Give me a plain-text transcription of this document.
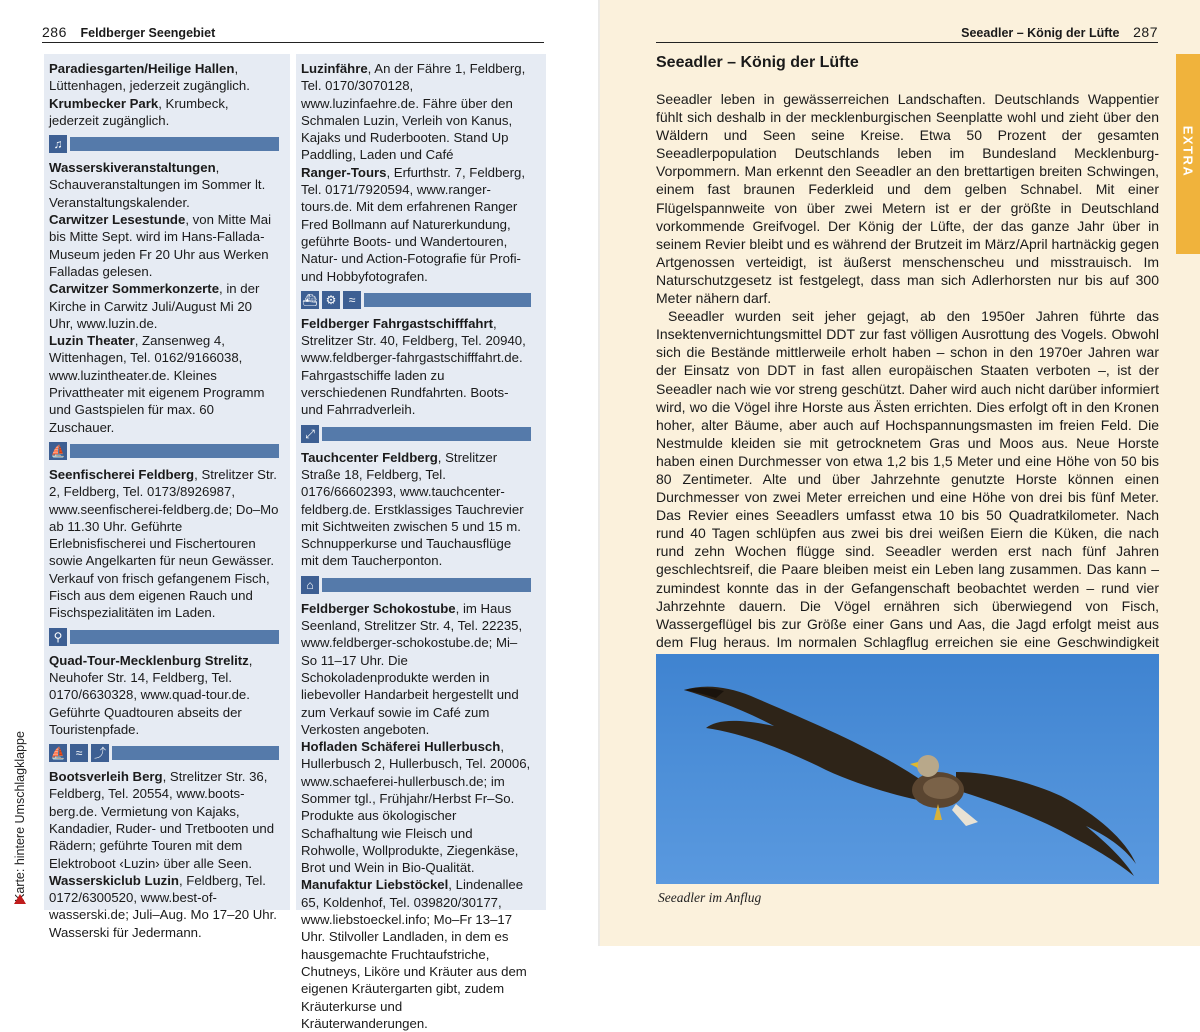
286 Feldberger Seengebiet

Paradiesgarten/Heilige Hallen, Lüttenhagen, jederzeit zugänglich.

Krumbecker Park, Krumbeck, jederzeit zugänglich.

♫

Wasserskiveranstaltungen, Schauveranstaltungen im Sommer lt. Veranstaltungskalender.

Carwitzer Lesestunde, von Mitte Mai bis Mitte Sept. wird im Hans-Fallada-Museum jeden Fr 20 Uhr aus Werken Falladas gelesen.

Carwitzer Sommerkonzerte, in der Kirche in Carwitz Juli/August Mi 20 Uhr, www.luzin.de.

Luzin Theater, Zansenweg 4, Wittenhagen, Tel. 0162/9166038, www.luzintheater.de. Kleines Privattheater mit eigenem Programm und Gastspielen für max. 60 Zuschauer.

⛵

Seenfischerei Feldberg, Strelitzer Str. 2, Feldberg, Tel. 0173/8926987, www.seenfischerei-feldberg.de; Do–Mo ab 11.30 Uhr. Geführte Erlebnisfischerei und Fischertouren sowie Angelkarten für neun Gewässer. Verkauf von frisch gefangenem Fisch, Fisch aus dem eigenen Rauch und Fischspezialitäten im Laden.

⚲

Quad-Tour-Mecklenburg Strelitz, Neuhofer Str. 14, Feldberg, Tel. 0170/6630328, www.quad-tour.de. Geführte Quadtouren abseits der Touristenpfade.

⛵ ≈ ⤴

Bootsverleih Berg, Strelitzer Str. 36, Feldberg, Tel. 20554, www.boots-berg.de. Vermietung von Kajaks, Kandadier, Ruder- und Tretbooten und Rädern; geführte Touren mit dem Elektroboot ‹Luzin› über alle Seen.

Wasserskiclub Luzin, Feldberg, Tel. 0172/6300520, www.best-of-wasserski.de; Juli–Aug. Mo 17–20 Uhr. Wasserski für Jedermann.

Luzinfähre, An der Fähre 1, Feldberg, Tel. 0170/3070128, www.luzinfaehre.de. Fähre über den Schmalen Luzin, Verleih von Kanus, Kajaks und Ruderbooten. Stand Up Paddling, Laden und Café

Ranger-Tours, Erfurthstr. 7, Feldberg, Tel. 0171/7920594, www.ranger-tours.de. Mit dem erfahrenen Ranger Fred Bollmann auf Naturerkundung, geführte Boots- und Wandertouren, Natur- und Action-Fotografie für Profi- und Hobbyfotografen.

⛴ ⚙	≈

Feldberger Fahrgastschifffahrt, Strelitzer Str. 40, Feldberg, Tel. 20940, www.feldberger-fahrgastschifffahrt.de. Fahrgastschiffe laden zu verschiedenen Rundfahrten. Boots- und Fahrradverleih.

⤢

Tauchcenter Feldberg, Strelitzer Straße 18, Feldberg, Tel. 0176/66602393, www.tauchcenter-feldberg.de. Erstklassiges Tauchrevier mit Sichtweiten zwischen 5 und 15 m. Schnupperkurse und Tauchausflüge mit dem Taucherponton.

⌂

Feldberger Schokostube, im Haus Seenland, Strelitzer Str. 4, Tel. 22235, www.feldberger-schokostube.de; Mi–So 11–17 Uhr. Die Schokoladenprodukte werden in liebevoller Handarbeit hergestellt und zum Verkauf sowie im Café zum Verkosten angeboten.

Hofladen Schäferei Hullerbusch, Hullerbusch 2, Hullerbusch, Tel. 20006, www.schaeferei-hullerbusch.de; im Sommer tgl., Frühjahr/Herbst Fr–So. Produkte aus ökologischer Schafhaltung wie Fleisch und Rohwolle, Wollprodukte, Ziegenkäse, Brot und Wein in Bio-Qualität.

Manufaktur Liebstöckel, Lindenallee 65, Koldenhof, Tel. 039820/30177, www.liebstoeckel.info; Mo–Fr 13–17 Uhr. Stilvoller Landladen, in dem es hausgemachte Fruchtaufstriche, Chutneys, Liköre und Kräuter aus dem eigenen Kräutergarten gibt, zudem Kräuterkurse und Kräuterwanderungen.

Karte: hintere Umschlagklappe
Seeadler – König der Lüfte 287
Seeadler – König der Lüfte

Seeadler leben in gewässerreichen Landschaften. Deutschlands Wappentier fühlt sich deshalb in der mecklenburgischen Seenplatte wohl und zieht über den Wäldern und Seen seine Kreise. Etwa 50 Prozent der gesamten Seeadlerpopulation Deutschlands leben im Bundesland Mecklenburg-Vorpommern. Man erkennt den Seeadler an den brettartigen breiten Schwingen, einem fast braunen Federkleid und dem gelben Schnabel. Mit einer Flügelspannweite von über zwei Metern ist er der größte in Deutschland vorkommende Greifvogel. Der König der Lüfte, der das ganze Jahr über in seinem Revier bleibt und es während der Brutzeit im März/April hartnäckig gegen Artgenossen verteidigt, ist äußerst menschenscheu und misstrauisch. Im Naturschutzgesetz ist festgelegt, dass man sich Adlerhorsten nur bis auf 300 Meter nähern darf.

Seeadler wurden seit jeher gejagt, ab den 1950er Jahren führte das Insektenvernichtungsmittel DDT zur fast völligen Ausrottung des Vogels. Obwohl sich die Bestände mittlerweile erholt haben – schon in den 1970er Jahren war der Einsatz von DDT in fast allen europäischen Staaten verboten –, ist der Seeadler nach wie vor streng geschützt. Daher wird auch nicht darüber informiert wird, wo die Vögel ihre Horste aus Ästen errichten. Dies erfolgt oft in den Kronen hoher, alter Bäume, aber auch auf Hochspannungsmasten im freien Feld. Die Nestmulde kleiden sie mit getrocknetem Gras und Moos aus. Neue Horste haben einen Durchmesser von etwa 1,2 bis 1,5 Meter und eine Höhe von 50 bis 80 Zentimeter. Alte und über Jahrzehnte genutzte Horste können einen Durchmesser von zwei Meter erreichen und eine Höhe von drei bis fünf Meter. Das Revier eines Seeadlers umfasst etwa 10 bis 50 Quadratkilometer. Nach rund 40 Tagen schlüpfen aus zwei bis drei weißen Eiern die Küken, die nach rund zehn Wochen flügge sind. Seeadler werden erst nach fünf Jahren geschlechtsreif, die Paare bleiben meist ein Leben lang zusammen. Das kann – zumindest konnte das in der Gefangenschaft beobachtet werden – rund vier Jahrzehnte dauern. Die Vögel ernähren sich überwiegend von Fisch, Wassergeflügel bis zur Größe einer Gans und Aas, die Jagd erfolgt meist aus dem Flug heraus. Im normalen Schlagflug erreichen sie eine Geschwindigkeit

EXTRA
Seeadler im Anflug
